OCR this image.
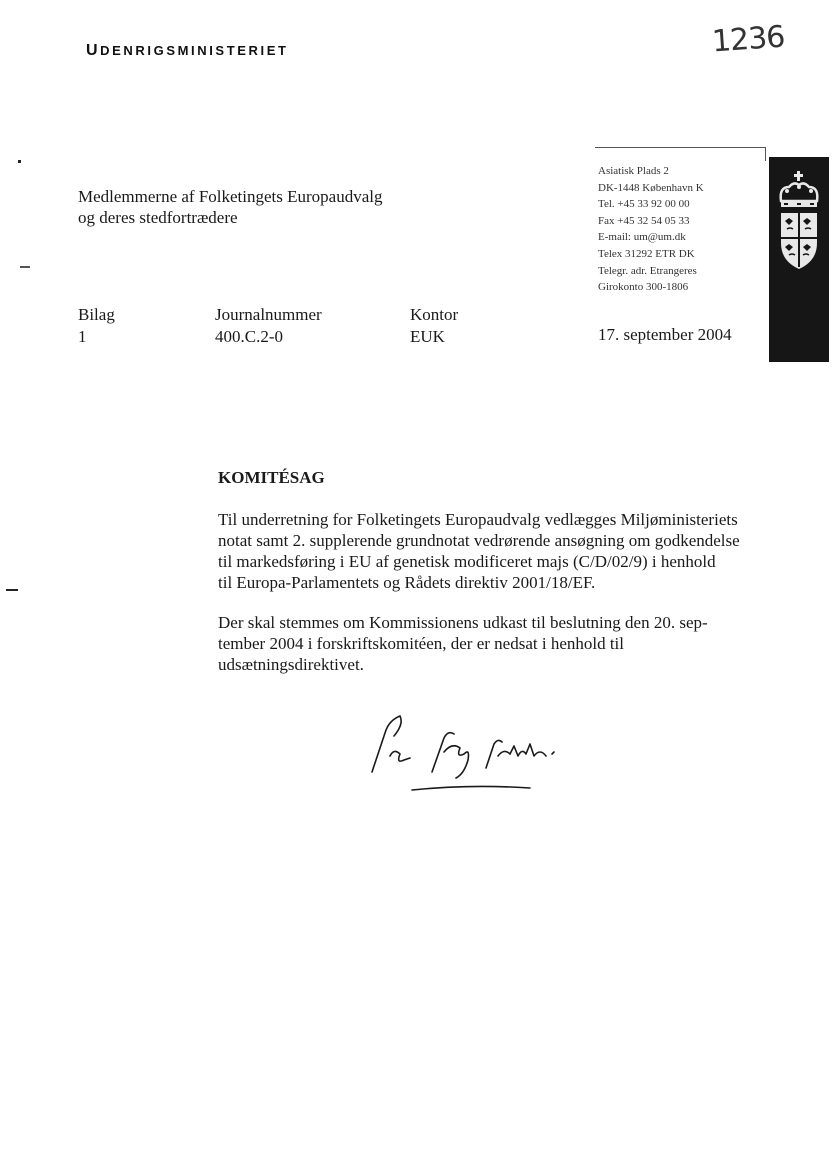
UDENRIGSMINISTERIET	1236
Medlemmerne af Folketingets Europaudvalg
og deres stedfortrædere
Asiatisk Plads 2
DK-1448 København K
Tel. +45 33 92 00 00
Fax +45 32 54 05 33
E-mail: um@um.dk
Telex 31292 ETR DK
Telegr. adr. Etrangeres
Girokonto 300-1806
Bilag
1
Journalnummer
400.C.2-0
Kontor
EUK	17. september 2004
KOMITÉSAG
Til underretning for Folketingets Europaudvalg vedlægges Miljøministeriets
notat samt 2. supplerende grundnotat vedrørende ansøgning om godkendelse
til markedsføring i EU af genetisk modificeret majs (C/D/02/9) i henhold
til Europa-Parlamentets og Rådets direktiv 2001/18/EF.
Der skal stemmes om Kommissionens udkast til beslutning den 20. sep-
tember 2004 i forskriftskomitéen, der er nedsat i henhold til
udsætningsdirektivet.
